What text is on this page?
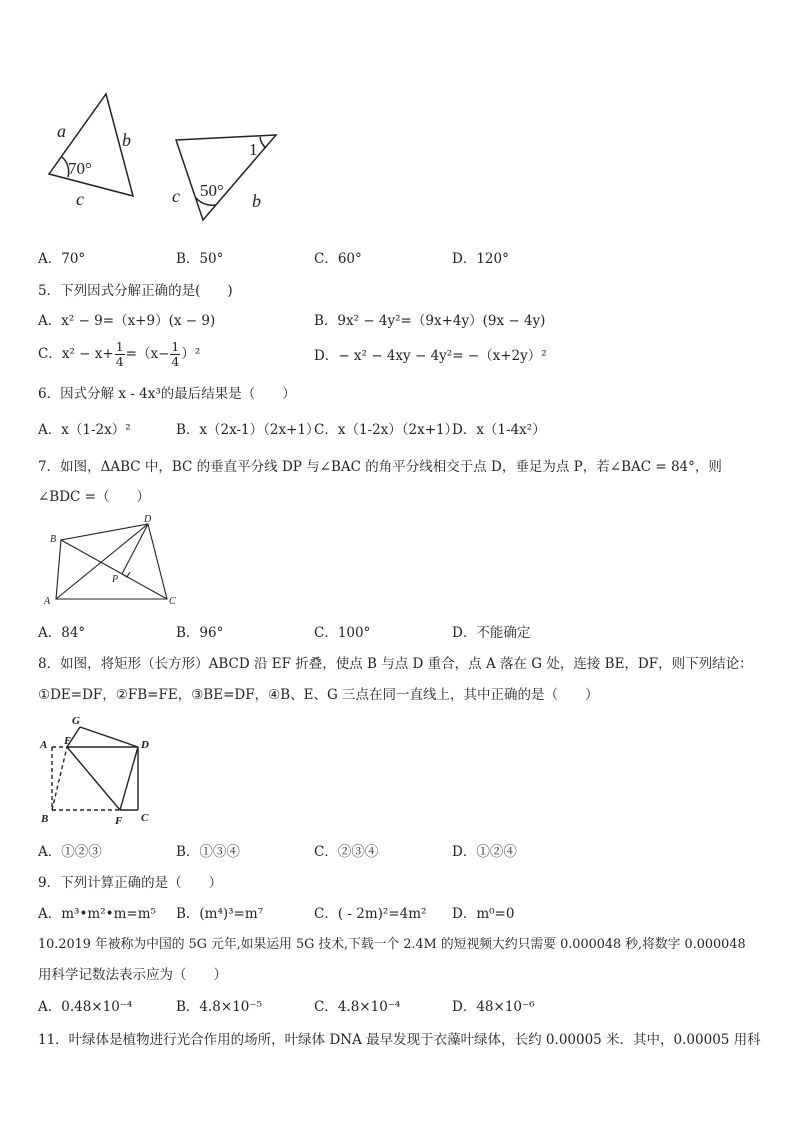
a	b
c	c	b
70°
50°
1
A．70°	B．50°	C．60°	D．120°
5．下列因式分解正确的是(　　)
A．x² − 9=（x+9）(x − 9)	B．9x² − 4y²=（9x+4y）(9x − 4y)
C．$x^2 - x+ \frac{1}{4} =(x- \frac{1}{4} )^2$	D．− x² − 4xy − 4y²= −（x+2y）²
6．因式分解 x - 4x³的最后结果是（　　）
A．x（1-2x）²	B．x（2x-1）（2x+1）
C．x（1-2x）（2x+1）
D．x（1-4x²）
7．如图，ΔABC 中，BC 的垂直平分线 DP 与∠BAC 的角平分线相交于点 D，垂足为点 P，若∠BAC = 84°，则
∠BDC =（　　）
A
B
C
D
P
A．84°	B．96°	C．100°	D．不能确定
8．如图，将矩形（长方形）ABCD 沿 EF 折叠，使点 B 与点 D 重合，点 A 落在 G 处，连接 BE，DF，则下列结论：
①DE=DF，②FB=FE，③BE=DF，④B、E、G 三点在同一直线上，其中正确的是（　　）
G
A E	D
B	F C
A．①②③	B．①③④	C．②③④	D．①②④
9．下列计算正确的是（　　）
A．m³•m²•m=m⁵ B．(m⁴)³=m⁷	C．( - 2m)²=4m² D．m⁰=0
10.2019 年被称为中国的 5G 元年,如果运用 5G 技术,下载一个 2.4M 的短视频大约只需要 0.000048 秒,将数字 0.000048
用科学记数法表示应为（　　）
A．0.48×10⁻⁴	B．4.8×10⁻⁵	C．4.8×10⁻⁴	D．48×10⁻⁶
11．叶绿体是植物进行光合作用的场所，叶绿体 DNA 最早发现于衣藻叶绿体，长约 0.00005 米．其中，0.00005 用科
